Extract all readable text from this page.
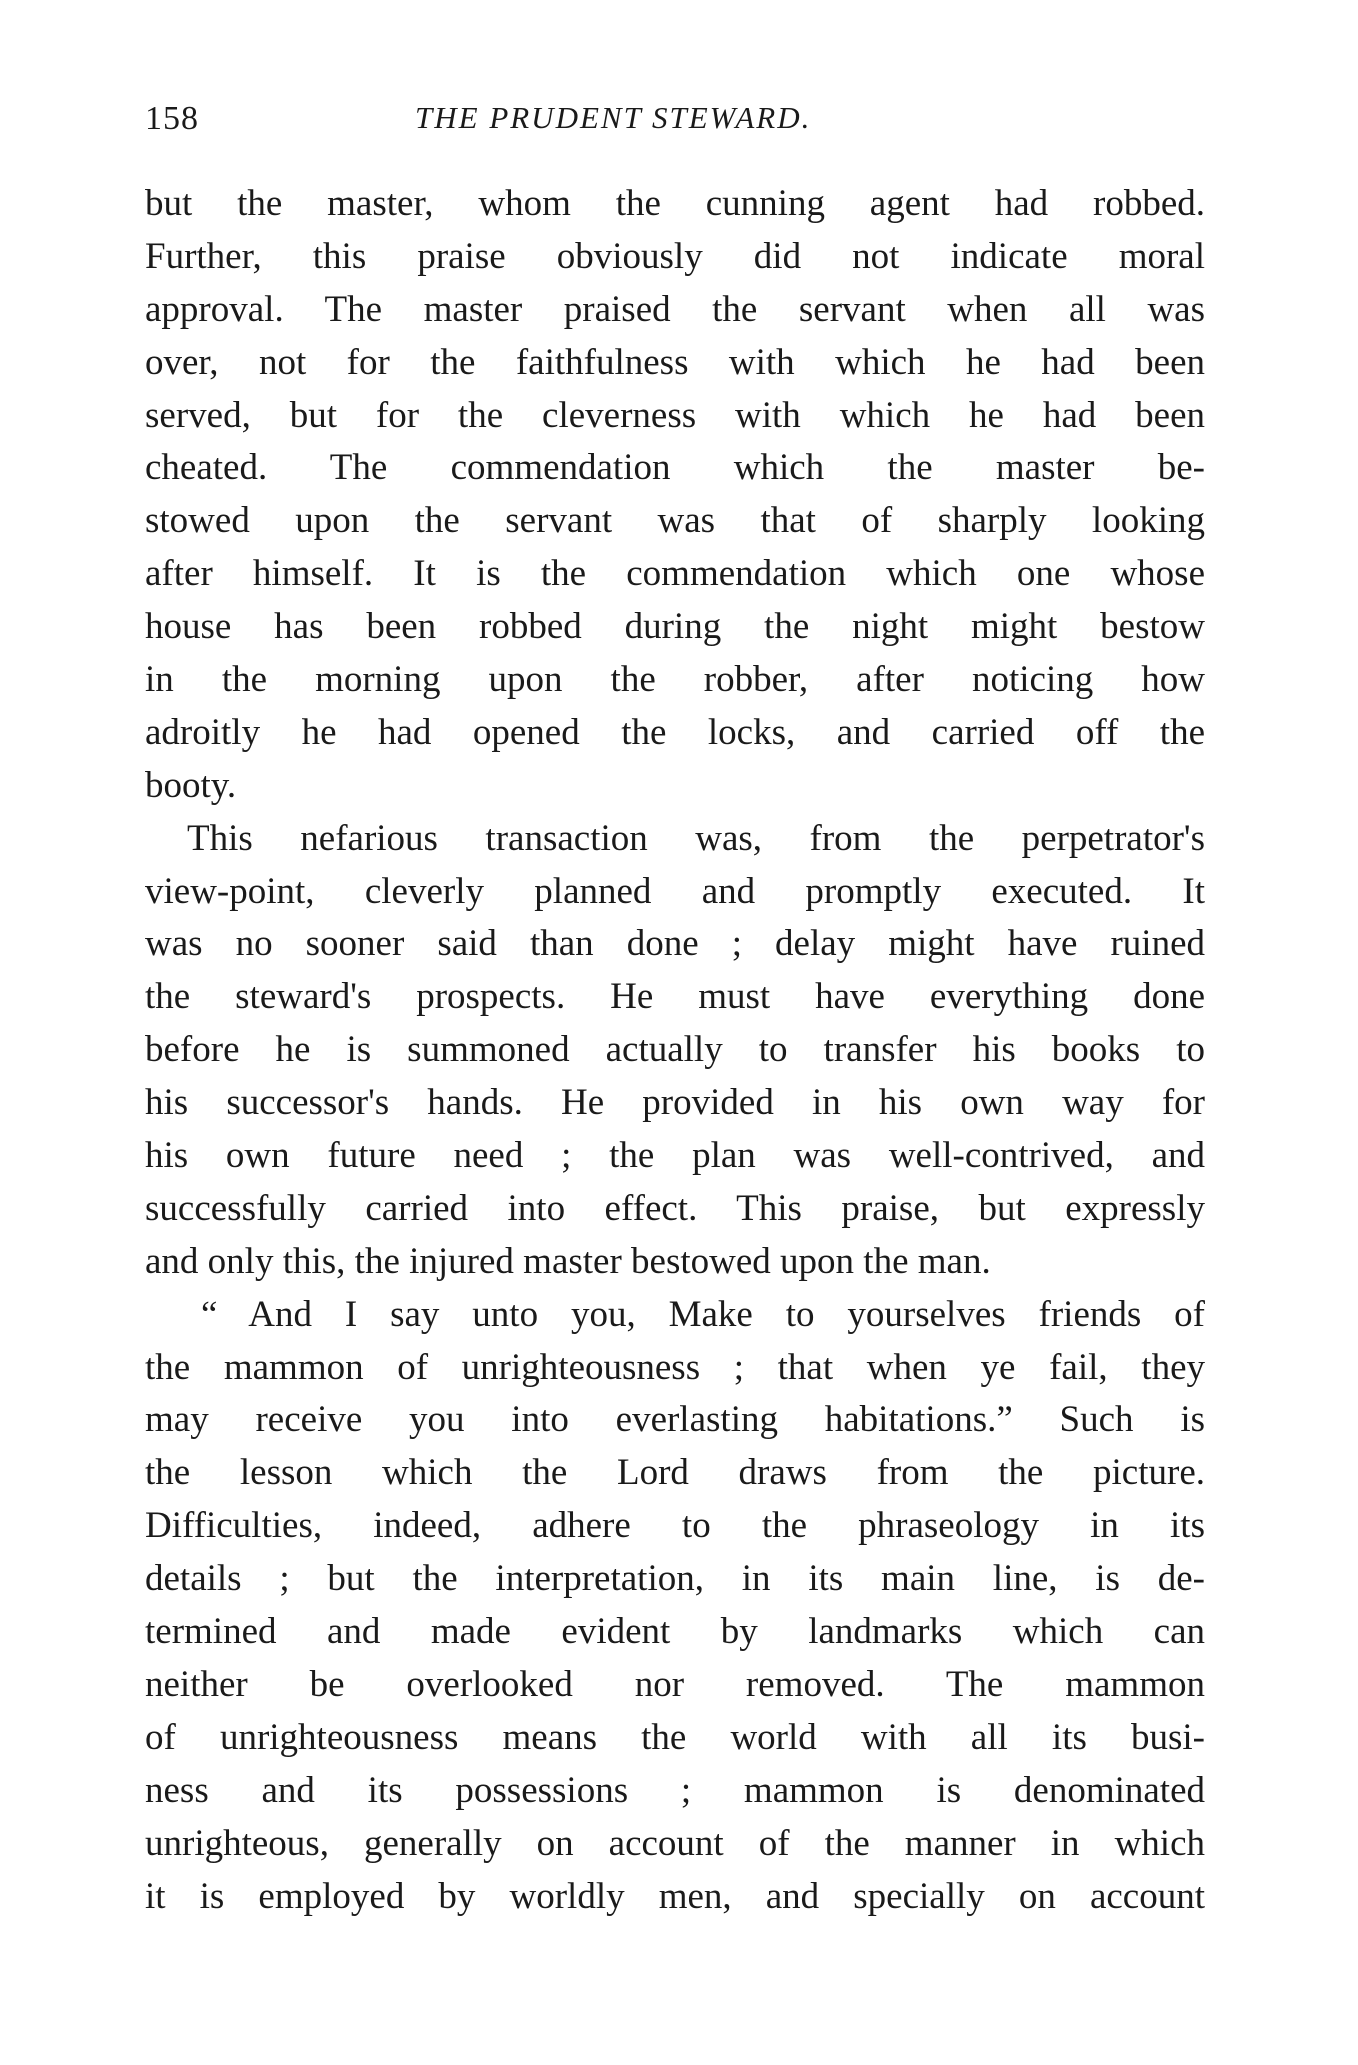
158	THE PRUDENT STEWARD.
but the master, whom the cunning agent had robbed.
Further, this praise obviously did not indicate moral
approval. The master praised the servant when all was
over, not for the faithfulness with which he had been
served, but for the cleverness with which he had been
cheated. The commendation which the master be-
stowed upon the servant was that of sharply looking
after himself. It is the commendation which one whose
house has been robbed during the night might bestow
in the morning upon the robber, after noticing how
adroitly he had opened the locks, and carried off the
booty.
This nefarious transaction was, from the perpetrator's
view-point, cleverly planned and promptly executed. It
was no sooner said than done ; delay might have ruined
the steward's prospects. He must have everything done
before he is summoned actually to transfer his books to
his successor's hands. He provided in his own way for
his own future need ; the plan was well-contrived, and
successfully carried into effect. This praise, but expressly
and only this, the injured master bestowed upon the man.
“ And I say unto you, Make to yourselves friends of
the mammon of unrighteousness ; that when ye fail, they
may receive you into everlasting habitations.” Such is
the lesson which the Lord draws from the picture.
Difficulties, indeed, adhere to the phraseology in its
details ; but the interpretation, in its main line, is de-
termined and made evident by landmarks which can
neither be overlooked nor removed. The mammon
of unrighteousness means the world with all its busi-
ness and its possessions ; mammon is denominated
unrighteous, generally on account of the manner in which
it is employed by worldly men, and specially on account
